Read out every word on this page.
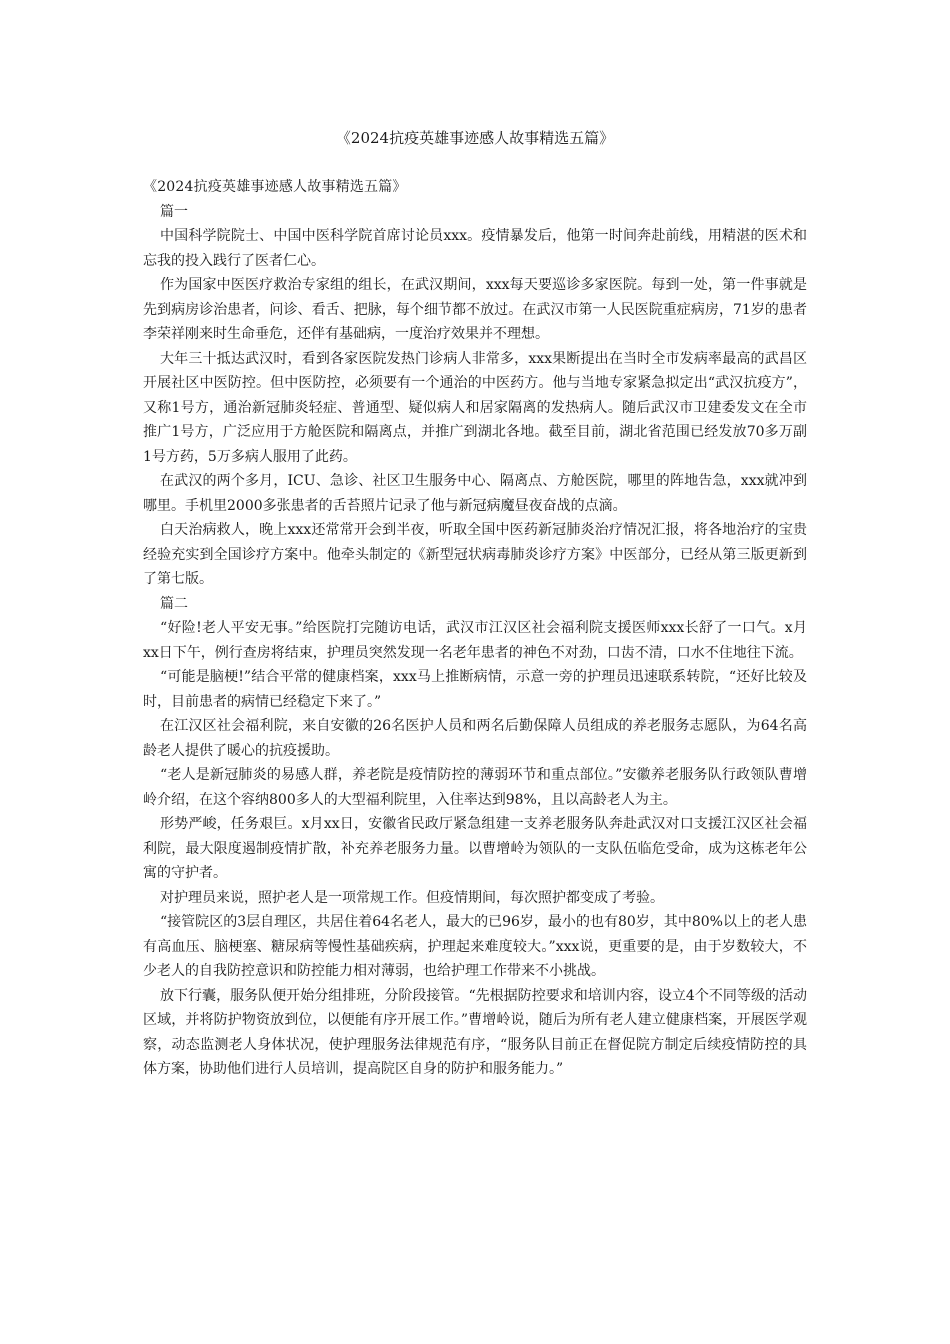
《2024抗疫英雄事迹感人故事精选五篇》

《2024抗疫英雄事迹感人故事精选五篇》

篇一

中国科学院院士、中国中医科学院首席讨论员xxx。疫情暴发后，他第一时间奔赴前线，用精湛的医术和忘我的投入践行了医者仁心。

作为国家中医医疗救治专家组的组长，在武汉期间，xxx每天要巡诊多家医院。每到一处，第一件事就是先到病房诊治患者，问诊、看舌、把脉，每个细节都不放过。在武汉市第一人民医院重症病房，71岁的患者李荣祥刚来时生命垂危，还伴有基础病，一度治疗效果并不理想。

大年三十抵达武汉时，看到各家医院发热门诊病人非常多，xxx果断提出在当时全市发病率最高的武昌区开展社区中医防控。但中医防控，必须要有一个通治的中医药方。他与当地专家紧急拟定出“武汉抗疫方”，又称1号方，通治新冠肺炎轻症、普通型、疑似病人和居家隔离的发热病人。随后武汉市卫建委发文在全市推广1号方，广泛应用于方舱医院和隔离点，并推广到湖北各地。截至目前，湖北省范围已经发放70多万副1号方药，5万多病人服用了此药。

在武汉的两个多月，ICU、急诊、社区卫生服务中心、隔离点、方舱医院，哪里的阵地告急，xxx就冲到哪里。手机里2000多张患者的舌苔照片记录了他与新冠病魔昼夜奋战的点滴。

白天治病救人，晚上xxx还常常开会到半夜，听取全国中医药新冠肺炎治疗情况汇报，将各地治疗的宝贵经验充实到全国诊疗方案中。他牵头制定的《新型冠状病毒肺炎诊疗方案》中医部分，已经从第三版更新到了第七版。

篇二

“好险!老人平安无事。”给医院打完随访电话，武汉市江汉区社会福利院支援医师xxx长舒了一口气。x月xx日下午，例行查房将结束，护理员突然发现一名老年患者的神色不对劲，口齿不清，口水不住地往下流。

“可能是脑梗!”结合平常的健康档案，xxx马上推断病情，示意一旁的护理员迅速联系转院，“还好比较及时，目前患者的病情已经稳定下来了。”

在江汉区社会福利院，来自安徽的26名医护人员和两名后勤保障人员组成的养老服务志愿队，为64名高龄老人提供了暖心的抗疫援助。

“老人是新冠肺炎的易感人群，养老院是疫情防控的薄弱环节和重点部位。”安徽养老服务队行政领队曹增岭介绍，在这个容纳800多人的大型福利院里，入住率达到98%，且以高龄老人为主。

形势严峻，任务艰巨。x月xx日，安徽省民政厅紧急组建一支养老服务队奔赴武汉对口支援江汉区社会福利院，最大限度遏制疫情扩散，补充养老服务力量。以曹增岭为领队的一支队伍临危受命，成为这栋老年公寓的守护者。

对护理员来说，照护老人是一项常规工作。但疫情期间，每次照护都变成了考验。

“接管院区的3层自理区，共居住着64名老人，最大的已96岁，最小的也有80岁，其中80%以上的老人患有高血压、脑梗塞、糖尿病等慢性基础疾病，护理起来难度较大。”xxx说，更重要的是，由于岁数较大，不少老人的自我防控意识和防控能力相对薄弱，也给护理工作带来不小挑战。

放下行囊，服务队便开始分组排班，分阶段接管。“先根据防控要求和培训内容，设立4个不同等级的活动区域，并将防护物资放到位，以便能有序开展工作。”曹增岭说，随后为所有老人建立健康档案，开展医学观察，动态监测老人身体状况，使护理服务法律规范有序，“服务队目前正在督促院方制定后续疫情防控的具体方案，协助他们进行人员培训，提高院区自身的防护和服务能力。”
